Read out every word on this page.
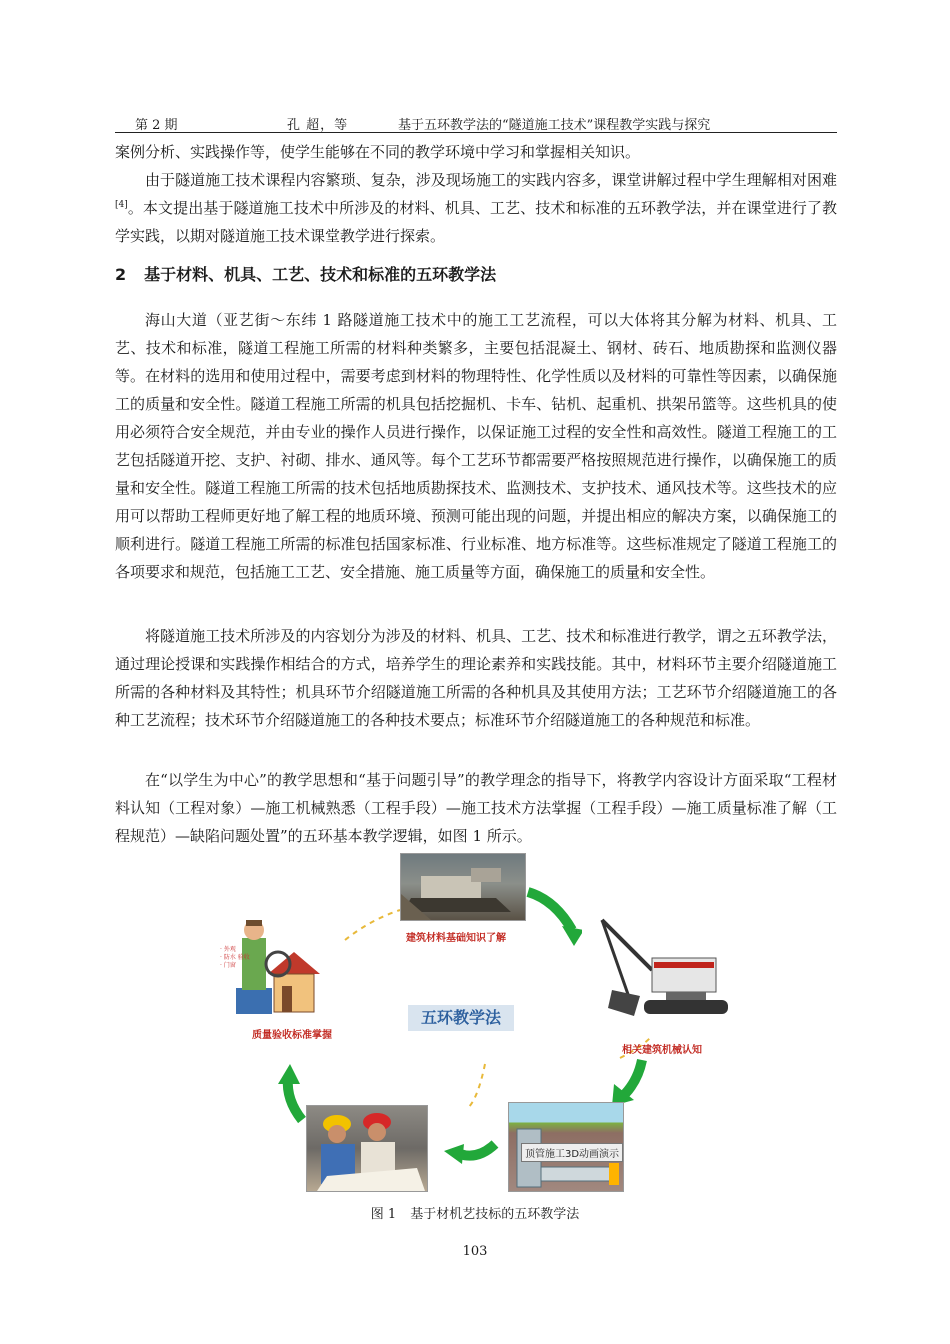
第 2 期	孔 超，等	基于五环教学法的“隧道施工技术”课程教学实践与探究

案例分析、实践操作等，使学生能够在不同的教学环境中学习和掌握相关知识。

由于隧道施工技术课程内容繁琐、复杂，涉及现场施工的实践内容多，课堂讲解过程中学生理解相对困难[4]。本文提出基于隧道施工技术中所涉及的材料、机具、工艺、技术和标准的五环教学法，并在课堂进行了教学实践，以期对隧道施工技术课堂教学进行探索。

2 基于材料、机具、工艺、技术和标准的五环教学法

海山大道（亚艺街～东纬 1 路隧道施工技术中的施工工艺流程，可以大体将其分解为材料、机具、工艺、技术和标准，隧道工程施工所需的材料种类繁多，主要包括混凝土、钢材、砖石、地质勘探和监测仪器等。在材料的选用和使用过程中，需要考虑到材料的物理特性、化学性质以及材料的可靠性等因素，以确保施工的质量和安全性。隧道工程施工所需的机具包括挖掘机、卡车、钻机、起重机、拱架吊篮等。这些机具的使用必须符合安全规范，并由专业的操作人员进行操作，以保证施工过程的安全性和高效性。隧道工程施工的工艺包括隧道开挖、支护、衬砌、排水、通风等。每个工艺环节都需要严格按照规范进行操作，以确保施工的质量和安全性。隧道工程施工所需的技术包括地质勘探技术、监测技术、支护技术、通风技术等。这些技术的应用可以帮助工程师更好地了解工程的地质环境、预测可能出现的问题，并提出相应的解决方案，以确保施工的顺利进行。隧道工程施工所需的标准包括国家标准、行业标准、地方标准等。这些标准规定了隧道工程施工的各项要求和规范，包括施工工艺、安全措施、施工质量等方面，确保施工的质量和安全性。

将隧道施工技术所涉及的内容划分为涉及的材料、机具、工艺、技术和标准进行教学，谓之五环教学法，通过理论授课和实践操作相结合的方式，培养学生的理论素养和实践技能。其中，材料环节主要介绍隧道施工所需的各种材料及其特性；机具环节介绍隧道施工所需的各种机具及其使用方法；工艺环节介绍隧道施工的各种工艺流程；技术环节介绍隧道施工的各种技术要点；标准环节介绍隧道施工的各种规范和标准。

在“以学生为中心”的教学思想和“基于问题引导”的教学理念的指导下，将教学内容设计方面采取“工程材料认知（工程对象）—施工机械熟悉（工程手段）—施工技术方法掌握（工程手段）—施工质量标准了解（工程规范）—缺陷问题处置”的五环基本教学逻辑，如图 1 所示。

顶管施工3D动画演示
· 外观
· 防水 验收
· 门窗
建筑材料基础知识了解
相关建筑机械认知
质量验收标准掌握
五环教学法
图 1 基于材机艺技标的五环教学法
103
